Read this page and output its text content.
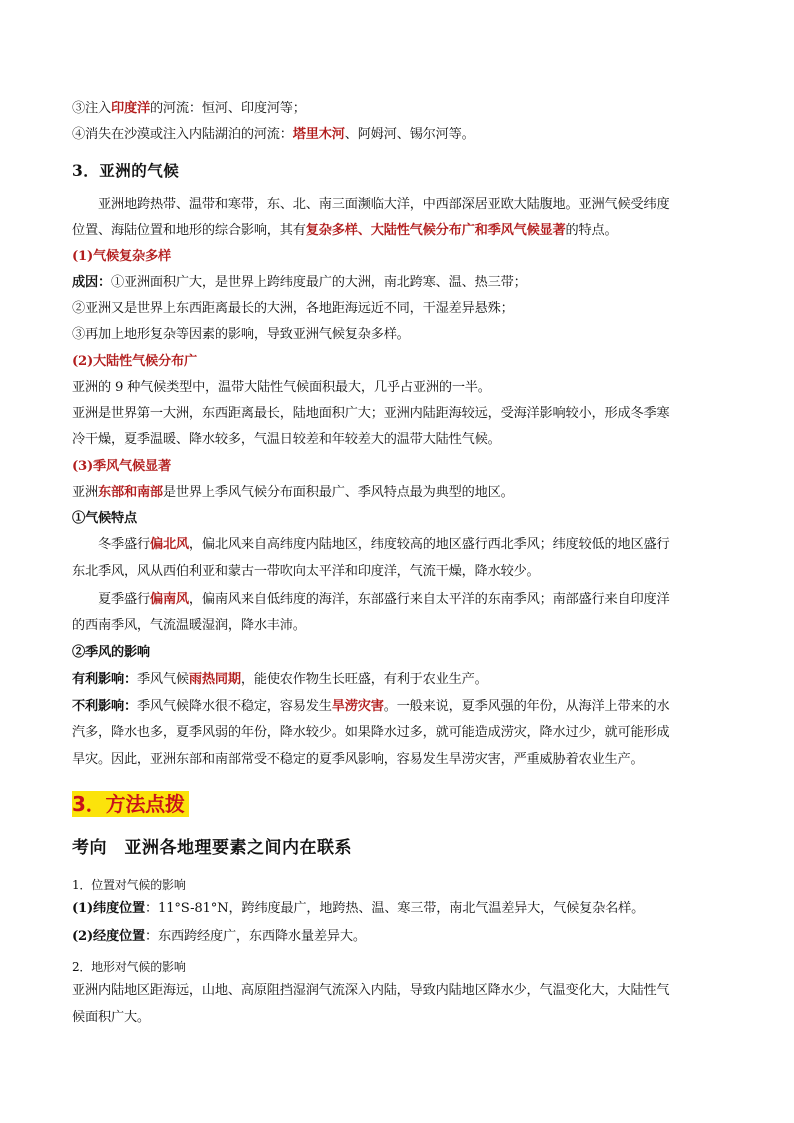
③注入印度洋的河流：恒河、印度河等；
④消失在沙漠或注入内陆湖泊的河流：塔里木河、阿姆河、锡尔河等。
3．亚洲的气候
亚洲地跨热带、温带和寒带，东、北、南三面濒临大洋，中西部深居亚欧大陆腹地。亚洲气候受纬度
位置、海陆位置和地形的综合影响，其有复杂多样、大陆性气候分布广和季风气候显著的特点。
(1)气候复杂多样
成因：①亚洲面积广大，是世界上跨纬度最广的大洲，南北跨寒、温、热三带；
②亚洲又是世界上东西距离最长的大洲，各地距海远近不同，干湿差异悬殊；
③再加上地形复杂等因素的影响，导致亚洲气候复杂多样。
(2)大陆性气候分布广
亚洲的 9 种气候类型中，温带大陆性气候面积最大，几乎占亚洲的一半。
亚洲是世界第一大洲，东西距离最长，陆地面积广大；亚洲内陆距海较远，受海洋影响较小，形成冬季寒
冷干燥，夏季温暖、降水较多，气温日较差和年较差大的温带大陆性气候。
(3)季风气候显著
亚洲东部和南部是世界上季风气候分布面积最广、季风特点最为典型的地区。
①气候特点
冬季盛行偏北风，偏北风来自高纬度内陆地区，纬度较高的地区盛行西北季风；纬度较低的地区盛行
东北季风，风从西伯利亚和蒙古一带吹向太平洋和印度洋，气流干燥，降水较少。
夏季盛行偏南风，偏南风来自低纬度的海洋，东部盛行来自太平洋的东南季风；南部盛行来自印度洋
的西南季风，气流温暖湿润，降水丰沛。
②季风的影响
有利影响：季风气候雨热同期，能使农作物生长旺盛，有利于农业生产。
不利影响：季风气候降水很不稳定，容易发生旱涝灾害。一般来说，夏季风强的年份，从海洋上带来的水
汽多，降水也多，夏季风弱的年份，降水较少。如果降水过多，就可能造成涝灾，降水过少，就可能形成
旱灾。因此，亚洲东部和南部常受不稳定的夏季风影响，容易发生旱涝灾害，严重威胁着农业生产。
3．方法点拨
考向　亚洲各地理要素之间内在联系
1．位置对气候的影响
(1)纬度位置：11°S-81°N，跨纬度最广，地跨热、温、寒三带，南北气温差异大，气候复杂名样。
(2)经度位置：东西跨经度广，东西降水量差异大。
2．地形对气候的影响
亚洲内陆地区距海远，山地、高原阻挡湿润气流深入内陆，导致内陆地区降水少，气温变化大，大陆性气
候面积广大。
